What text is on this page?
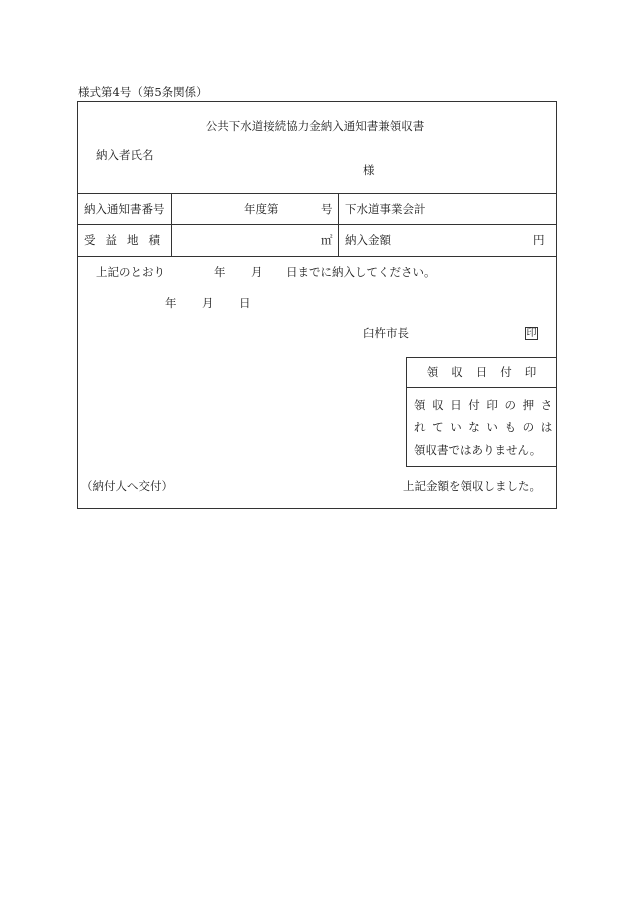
様式第4号（第5条関係）
公共下水道接続協力金納入通知書兼領収書
納入者氏名
様
納入通知書番号	年度第	号 下水道事業会計
受益地積	㎡ 納入金額	円
上記のとおり	年 月 日までに納入してください。
年 月 日
臼杵市長	印
領収日付印
領収日付印の押さ
れていないものは
領収書ではありません。
（納付人へ交付）	上記金額を領収しました。
